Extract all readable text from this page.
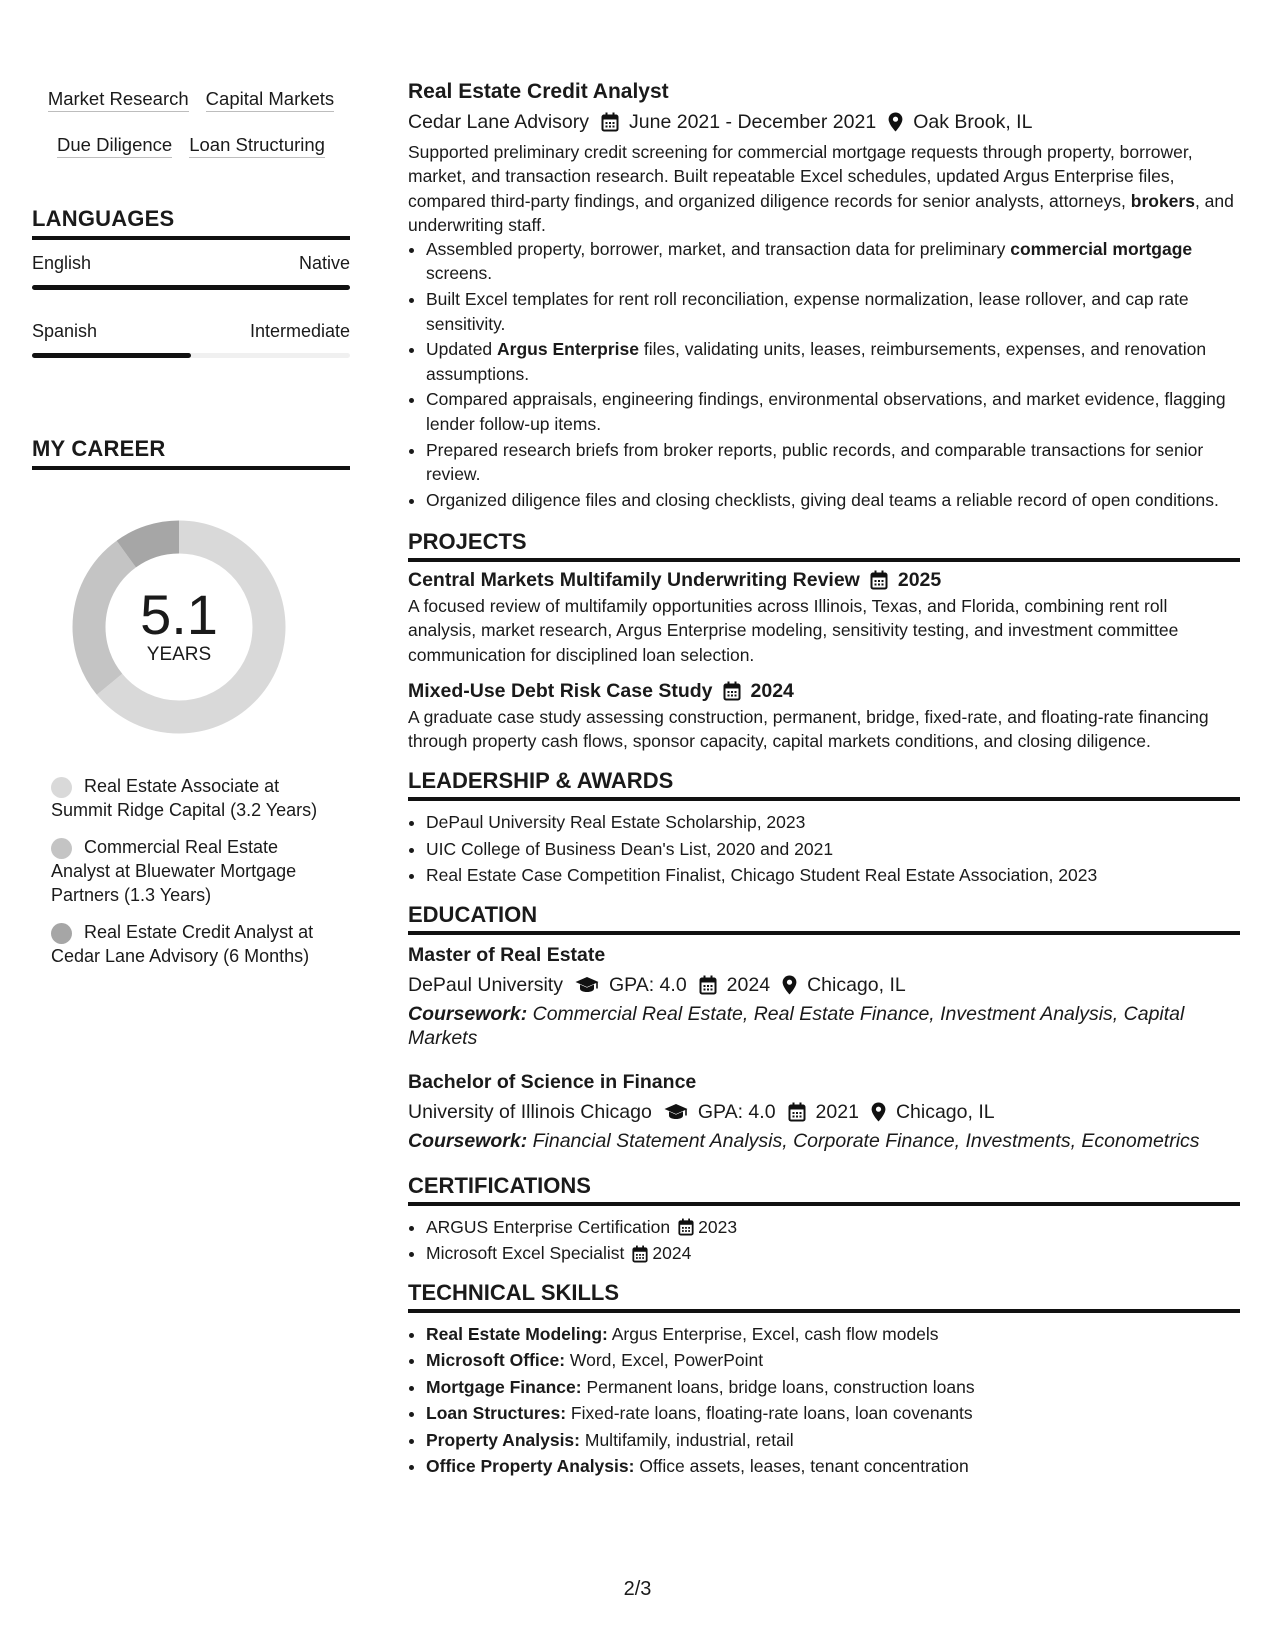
Market Research Capital Markets
Due Diligence Loan Structuring
LANGUAGES
English	Native
Spanish	Intermediate
MY CAREER
5.1
YEARS
Real Estate Associate at Summit Ridge Capital (3.2 Years)
Commercial Real Estate Analyst at Bluewater Mortgage Partners (1.3 Years)
Real Estate Credit Analyst at Cedar Lane Advisory (6 Months)
Real Estate Credit Analyst
Cedar Lane Advisory June 2021 - December 2021 Oak Brook, IL

Supported preliminary credit screening for commercial mortgage requests through property, borrower, market, and transaction research. Built repeatable Excel schedules, updated Argus Enterprise files, compared third-party findings, and organized diligence records for senior analysts, attorneys, brokers, and underwriting staff.

• Assembled property, borrower, market, and transaction data for preliminary commercial mortgage screens.
• Built Excel templates for rent roll reconciliation, expense normalization, lease rollover, and cap rate sensitivity.
• Updated Argus Enterprise files, validating units, leases, reimbursements, expenses, and renovation assumptions.
• Compared appraisals, engineering findings, environmental observations, and market evidence, flagging lender follow-up items.
• Prepared research briefs from broker reports, public records, and comparable transactions for senior review.
• Organized diligence files and closing checklists, giving deal teams a reliable record of open conditions.
PROJECTS
Central Markets Multifamily Underwriting Review 2025

A focused review of multifamily opportunities across Illinois, Texas, and Florida, combining rent roll analysis, market research, Argus Enterprise modeling, sensitivity testing, and investment committee communication for disciplined loan selection.

Mixed-Use Debt Risk Case Study 2024

A graduate case study assessing construction, permanent, bridge, fixed-rate, and floating-rate financing through property cash flows, sponsor capacity, capital markets conditions, and closing diligence.

LEADERSHIP & AWARDS
• DePaul University Real Estate Scholarship, 2023
• UIC College of Business Dean's List, 2020 and 2021
• Real Estate Case Competition Finalist, Chicago Student Real Estate Association, 2023
EDUCATION
Master of Real Estate
DePaul University GPA: 4.0 2024 Chicago, IL

Coursework: Commercial Real Estate, Real Estate Finance, Investment Analysis, Capital Markets

Bachelor of Science in Finance
University of Illinois Chicago GPA: 4.0 2021 Chicago, IL

Coursework: Financial Statement Analysis, Corporate Finance, Investments, Econometrics

CERTIFICATIONS
• ARGUS Enterprise Certification 2023
• Microsoft Excel Specialist 2024
TECHNICAL SKILLS
• Real Estate Modeling: Argus Enterprise, Excel, cash flow models
• Microsoft Office: Word, Excel, PowerPoint
• Mortgage Finance: Permanent loans, bridge loans, construction loans
• Loan Structures: Fixed-rate loans, floating-rate loans, loan covenants
• Property Analysis: Multifamily, industrial, retail
• Office Property Analysis: Office assets, leases, tenant concentration
2/3
